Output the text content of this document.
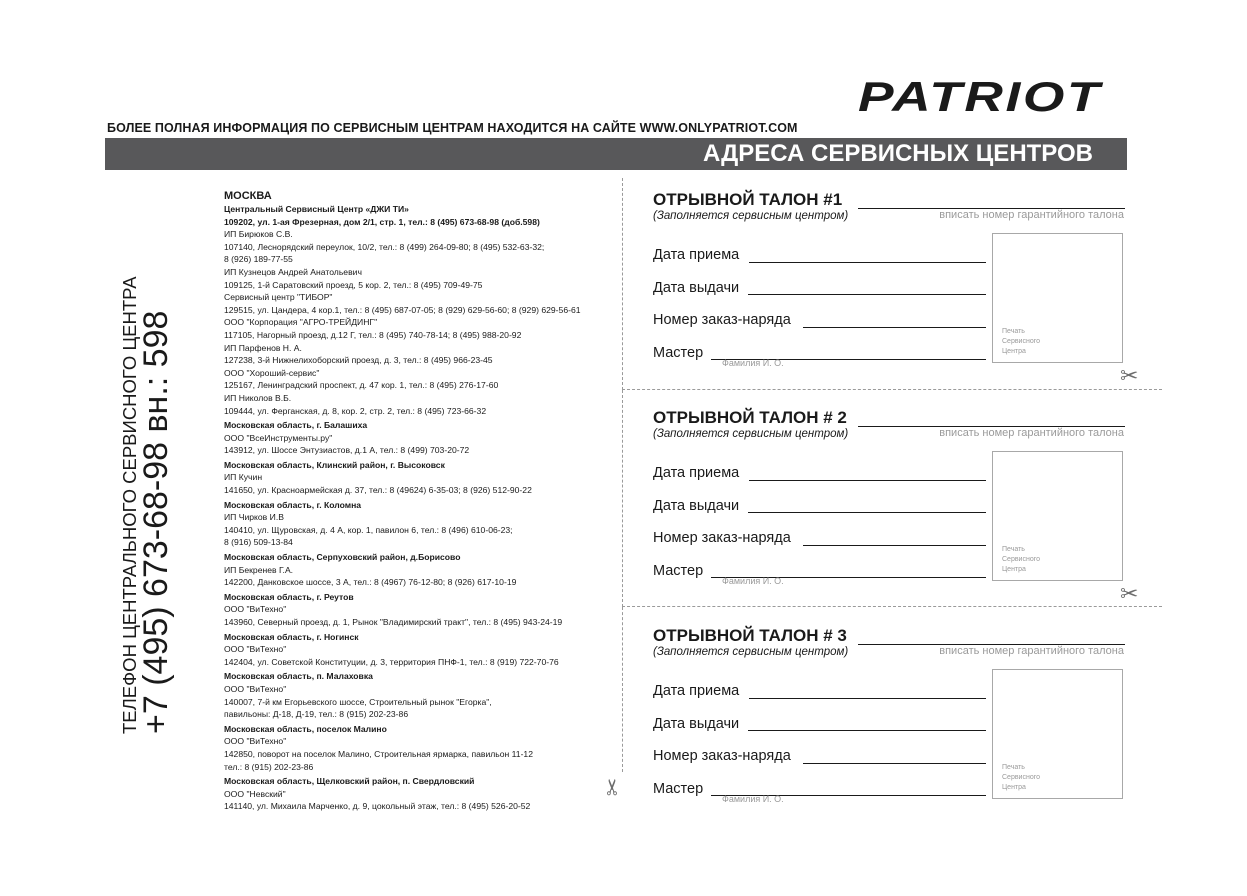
PATRIOT
БОЛЕЕ ПОЛНАЯ ИНФОРМАЦИЯ ПО СЕРВИСНЫМ ЦЕНТРАМ НАХОДИТСЯ НА САЙТЕ WWW.ONLYPATRIOT.COM
АДРЕСА СЕРВИСНЫХ ЦЕНТРОВ
ТЕЛЕФОН ЦЕНТРАЛЬНОГО СЕРВИСНОГО ЦЕНТРА
+7 (495) 673-68-98 вн.: 598
МОСКВА
Центральный Сервисный Центр «ДЖИ ТИ»
109202, ул. 1-ая Фрезерная, дом 2/1, стр. 1, тел.: 8 (495) 673-68-98 (доб.598)
ИП Бирюков С.В.
107140, Леснорядский переулок, 10/2, тел.: 8 (499) 264-09-80; 8 (495) 532-63-32;
8 (926) 189-77-55
ИП Кузнецов Андрей Анатольевич
109125, 1-й Саратовский проезд, 5 кор. 2, тел.: 8 (495) 709-49-75
Сервисный центр "ТИБОР"
129515, ул. Цандера, 4 кор.1, тел.: 8 (495) 687-07-05; 8 (929) 629-56-60; 8 (929) 629-56-61
ООО "Корпорация "АГРО-ТРЕЙДИНГ"
117105, Нагорный проезд, д.12 Г, тел.: 8 (495) 740-78-14; 8 (495) 988-20-92
ИП Парфенов Н. А.
127238, 3-й Нижнелихоборский проезд, д. 3, тел.: 8 (495) 966-23-45
ООО "Хороший-сервис"
125167, Ленинградский проспект, д. 47 кор. 1, тел.: 8 (495) 276-17-60
ИП Николов В.Б.
109444, ул. Ферганская, д. 8, кор. 2, стр. 2, тел.: 8 (495) 723-66-32
Московская область, г. Балашиха
ООО "ВсеИнструменты.ру"
143912, ул. Шоссе Энтузиастов, д.1 А, тел.: 8 (499) 703-20-72
Московская область, Клинский район, г. Высоковск
ИП Кучин
141650, ул. Красноармейская д. 37, тел.: 8 (49624) 6-35-03; 8 (926) 512-90-22
Московская область, г. Коломна
ИП Чирков И.В
140410, ул. Щуровская, д. 4 А, кор. 1, павилон 6, тел.: 8 (496) 610-06-23;
8 (916) 509-13-84
Московская область, Серпуховский район, д.Борисово
ИП Бекренев Г.А.
142200, Данковское шоссе, 3 А, тел.: 8 (4967) 76-12-80; 8 (926) 617-10-19
Московская область, г. Реутов
ООО "ВиТехно"
143960, Северный проезд, д. 1, Рынок "Владимирский тракт", тел.: 8 (495) 943-24-19
Московская область, г. Ногинск
ООО "ВиТехно"
142404, ул. Советской Конституции, д. 3, территория ПНФ-1, тел.: 8 (919) 722-70-76
Московская область, п. Малаховка
ООО "ВиТехно"
140007, 7-й км Егорьевского шоссе, Строительный рынок "Егорка",
павильоны: Д-18, Д-19, тел.: 8 (915) 202-23-86
Московская область, поселок Малино
ООО "ВиТехно"
142850, поворот на поселок Малино, Строительная ярмарка, павильон 11-12
тел.: 8 (915) 202-23-86
Московская область, Щелковский район, п. Свердловский
ООО "Невский"
141140, ул. Михаила Марченко, д. 9, цокольный этаж, тел.: 8 (495) 526-20-52
✂
✂
✂
ОТРЫВНОЙ ТАЛОН #1
(Заполняется сервисным центром)	вписать номер гарантийного талона
Печать
Сервисного
Центра
Дата приема
Дата выдачи
Номер заказ-наряда
Мастер
Фамилия И. О.
ОТРЫВНОЙ ТАЛОН # 2
(Заполняется сервисным центром)	вписать номер гарантийного талона
Печать
Сервисного
Центра
Дата приема
Дата выдачи
Номер заказ-наряда
Мастер
Фамилия И. О.
ОТРЫВНОЙ ТАЛОН # 3
(Заполняется сервисным центром)	вписать номер гарантийного талона
Печать
Сервисного
Центра
Дата приема
Дата выдачи
Номер заказ-наряда
Мастер
Фамилия И. О.
